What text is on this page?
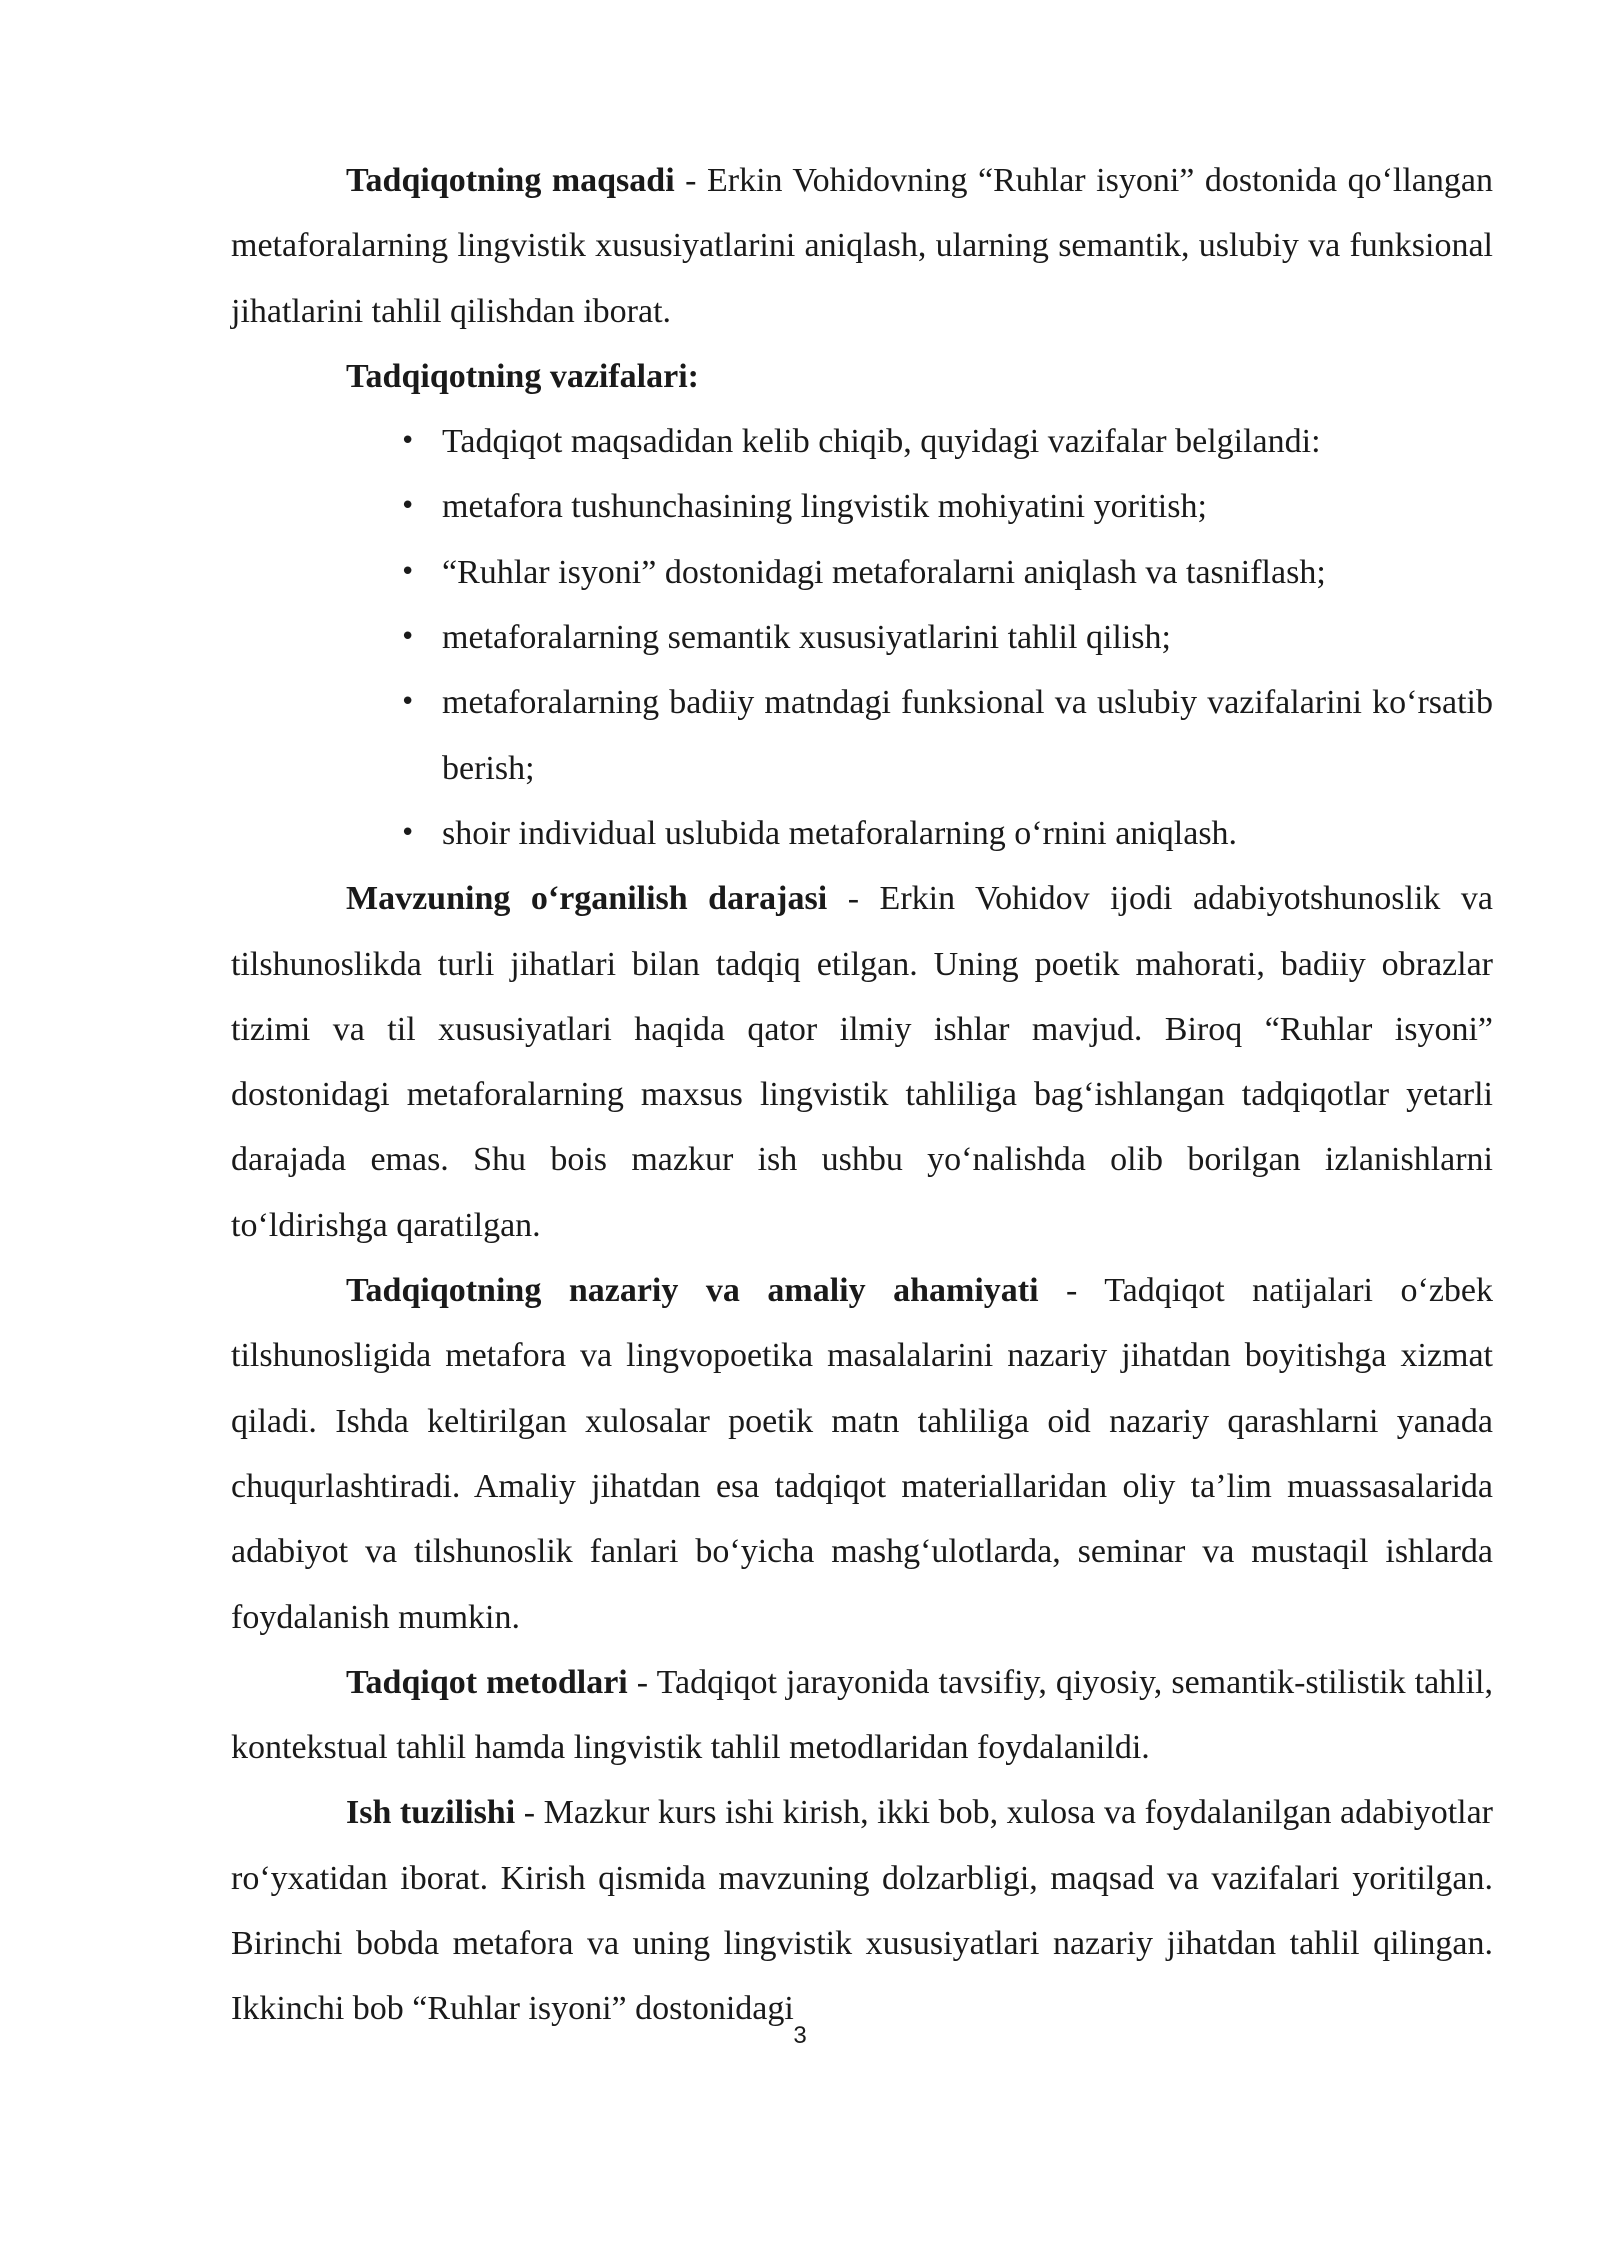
Tadqiqotning maqsadi - Erkin Vohidovning “Ruhlar isyoni” dostonida qo‘llangan metaforalarning lingvistik xususiyatlarini aniqlash, ularning semantik, uslubiy va funksional jihatlarini tahlil qilishdan iborat.

Tadqiqotning vazifalari:

• Tadqiqot maqsadidan kelib chiqib, quyidagi vazifalar belgilandi:
• metafora tushunchasining lingvistik mohiyatini yoritish;
• “Ruhlar isyoni” dostonidagi metaforalarni aniqlash va tasniflash;
• metaforalarning semantik xususiyatlarini tahlil qilish;
• metaforalarning badiiy matndagi funksional va uslubiy vazifalarini ko‘rsatib berish;
• shoir individual uslubida metaforalarning o‘rnini aniqlash.

Mavzuning o‘rganilish darajasi - Erkin Vohidov ijodi adabiyotshunoslik va tilshunoslikda turli jihatlari bilan tadqiq etilgan. Uning poetik mahorati, badiiy obrazlar tizimi va til xususiyatlari haqida qator ilmiy ishlar mavjud. Biroq “Ruhlar isyoni” dostonidagi metaforalarning maxsus lingvistik tahliliga bag‘ishlangan tadqiqotlar yetarli darajada emas. Shu bois mazkur ish ushbu yo‘nalishda olib borilgan izlanishlarni to‘ldirishga qaratilgan.

Tadqiqotning nazariy va amaliy ahamiyati - Tadqiqot natijalari o‘zbek tilshunosligida metafora va lingvopoetika masalalarini nazariy jihatdan boyitishga xizmat qiladi. Ishda keltirilgan xulosalar poetik matn tahliliga oid nazariy qarashlarni yanada chuqurlashtiradi. Amaliy jihatdan esa tadqiqot materiallaridan oliy ta’lim muassasalarida adabiyot va tilshunoslik fanlari bo‘yicha mashg‘ulotlarda, seminar va mustaqil ishlarda foydalanish mumkin.

Tadqiqot metodlari - Tadqiqot jarayonida tavsifiy, qiyosiy, semantik-stilistik tahlil, kontekstual tahlil hamda lingvistik tahlil metodlaridan foydalanildi.

Ish tuzilishi - Mazkur kurs ishi kirish, ikki bob, xulosa va foydalanilgan adabiyotlar ro‘yxatidan iborat. Kirish qismida mavzuning dolzarbligi, maqsad va vazifalari yoritilgan. Birinchi bobda metafora va uning lingvistik xususiyatlari nazariy jihatdan tahlil qilingan. Ikkinchi bob “Ruhlar isyoni” dostonidagi

3
